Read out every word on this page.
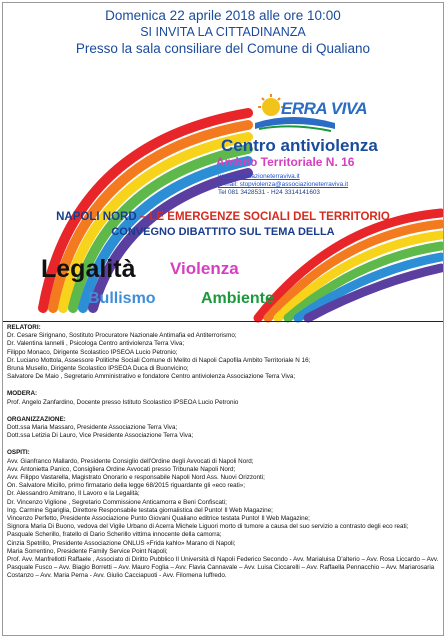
Domenica 22 aprile 2018 alle ore 10:00
SI INVITA LA CITTADINANZA
Presso la sala consiliare del Comune di Qualiano
ERRA VIVA
Centro antiviolenza
Ambito Territoriale N. 16
www.associazioneterraviva.it
E-mail: stopviolenza@associazioneterraviva.it
Tel 081 3428531 - H24 3314141603
NAPOLI NORD – LE EMERGENZE SOCIALI DEL TERRITORIO
CONVEGNO DIBATTITO SUL TEMA DELLA
Legalità Violenza
Bullismo	Ambiente
RELATORI:
Dr. Cesare Sirignano, Sostituto Procuratore Nazionale Antimafia ed Antiterrorismo;
Dr. Valentina Iannelli , Psicologa Centro antiviolenza Terra Viva;
Filippo Monaco, Dirigente Scolastico IPSEOA Lucio Petronio;
Dr. Luciano Mottola, Assessore Politiche Sociali Comune di Melito di Napoli Capofila Ambito Territoriale N 16;
Bruna Musello, Dirigente Scolastico IPSEOA Duca di Buonvicino;
Salvatore De Maio , Segretario Amministrativo e fondatore Centro antiviolenza Associazione Terra Viva;
MODERA:
Prof. Angelo Zanfardino, Docente presso Istituto Scolastico IPSEOA Lucio Petronio
ORGANIZZAZIONE:
Dott.ssa Maria Massaro, Presidente Associazione Terra Viva;
Dott.ssa Letizia Di Lauro, Vice Presidente Associazione Terra Viva;
OSPITI:
Avv. Gianfranco Mallardo, Presidente Consiglio dell'Ordine degli Avvocati di Napoli Nord;
Avv. Antonietta Panico, Consigliera Ordine Avvocati presso Tribunale Napoli Nord;
Avv. Filippo Vastarella, Magistrato Onorario e responsabile Napoli Nord Ass. Nuovi Orizzonti;
On. Salvatore Micillo, primo firmatario della legge 68/2015 riguardante gli «eco reati»;
Dr. Alessandro Amitrano, Il Lavoro e la Legalità;
Dr. Vincenzo Viglione , Segretario Commissione Anticamorra e Beni Confiscati;
Ing. Carmine Sgariglia, Direttore Responsabile testata giornalistica del Punto! Il Web Magazine;
Vincenzo Perfetto, Presidente Associazione Punto Giovani Qualiano editrice testata Punto! Il Web Magazine;
Signora Maria Di Buono, vedova del Vigile Urbano di Acerra Michele Liguori morto di tumore a causa del suo servizio a contrasto degli eco reati;
Pasquale Scherillo, fratello di Dario Scherillo vittima innocente della camorra;
Cinzia Spetrillo, Presidente Associazione ONLUS «Frida kahlo» Marano di Napoli;
Maria Sorrentino, Presidente Family Service Point Napoli;
Prof. Avv. Manfrellotti Raffaele , Associato di Diritto Pubblico Il Università di Napoli Federico Secondo - Avv. Marialuisa D'alterio – Avv. Rosa Liccardo – Avv. Pasquale Fusco – Avv. Biagio Borretti – Avv. Mauro Foglia – Avv. Flavia Cannavale – Avv. Luisa Ciccarelli – Avv. Raffaella Pennacchio – Avv. Mariarosaria Costanzo – Avv. Maria Perna - Avv. Giulio Cacciapuoti - Avv. Filomena Iuffredo.
